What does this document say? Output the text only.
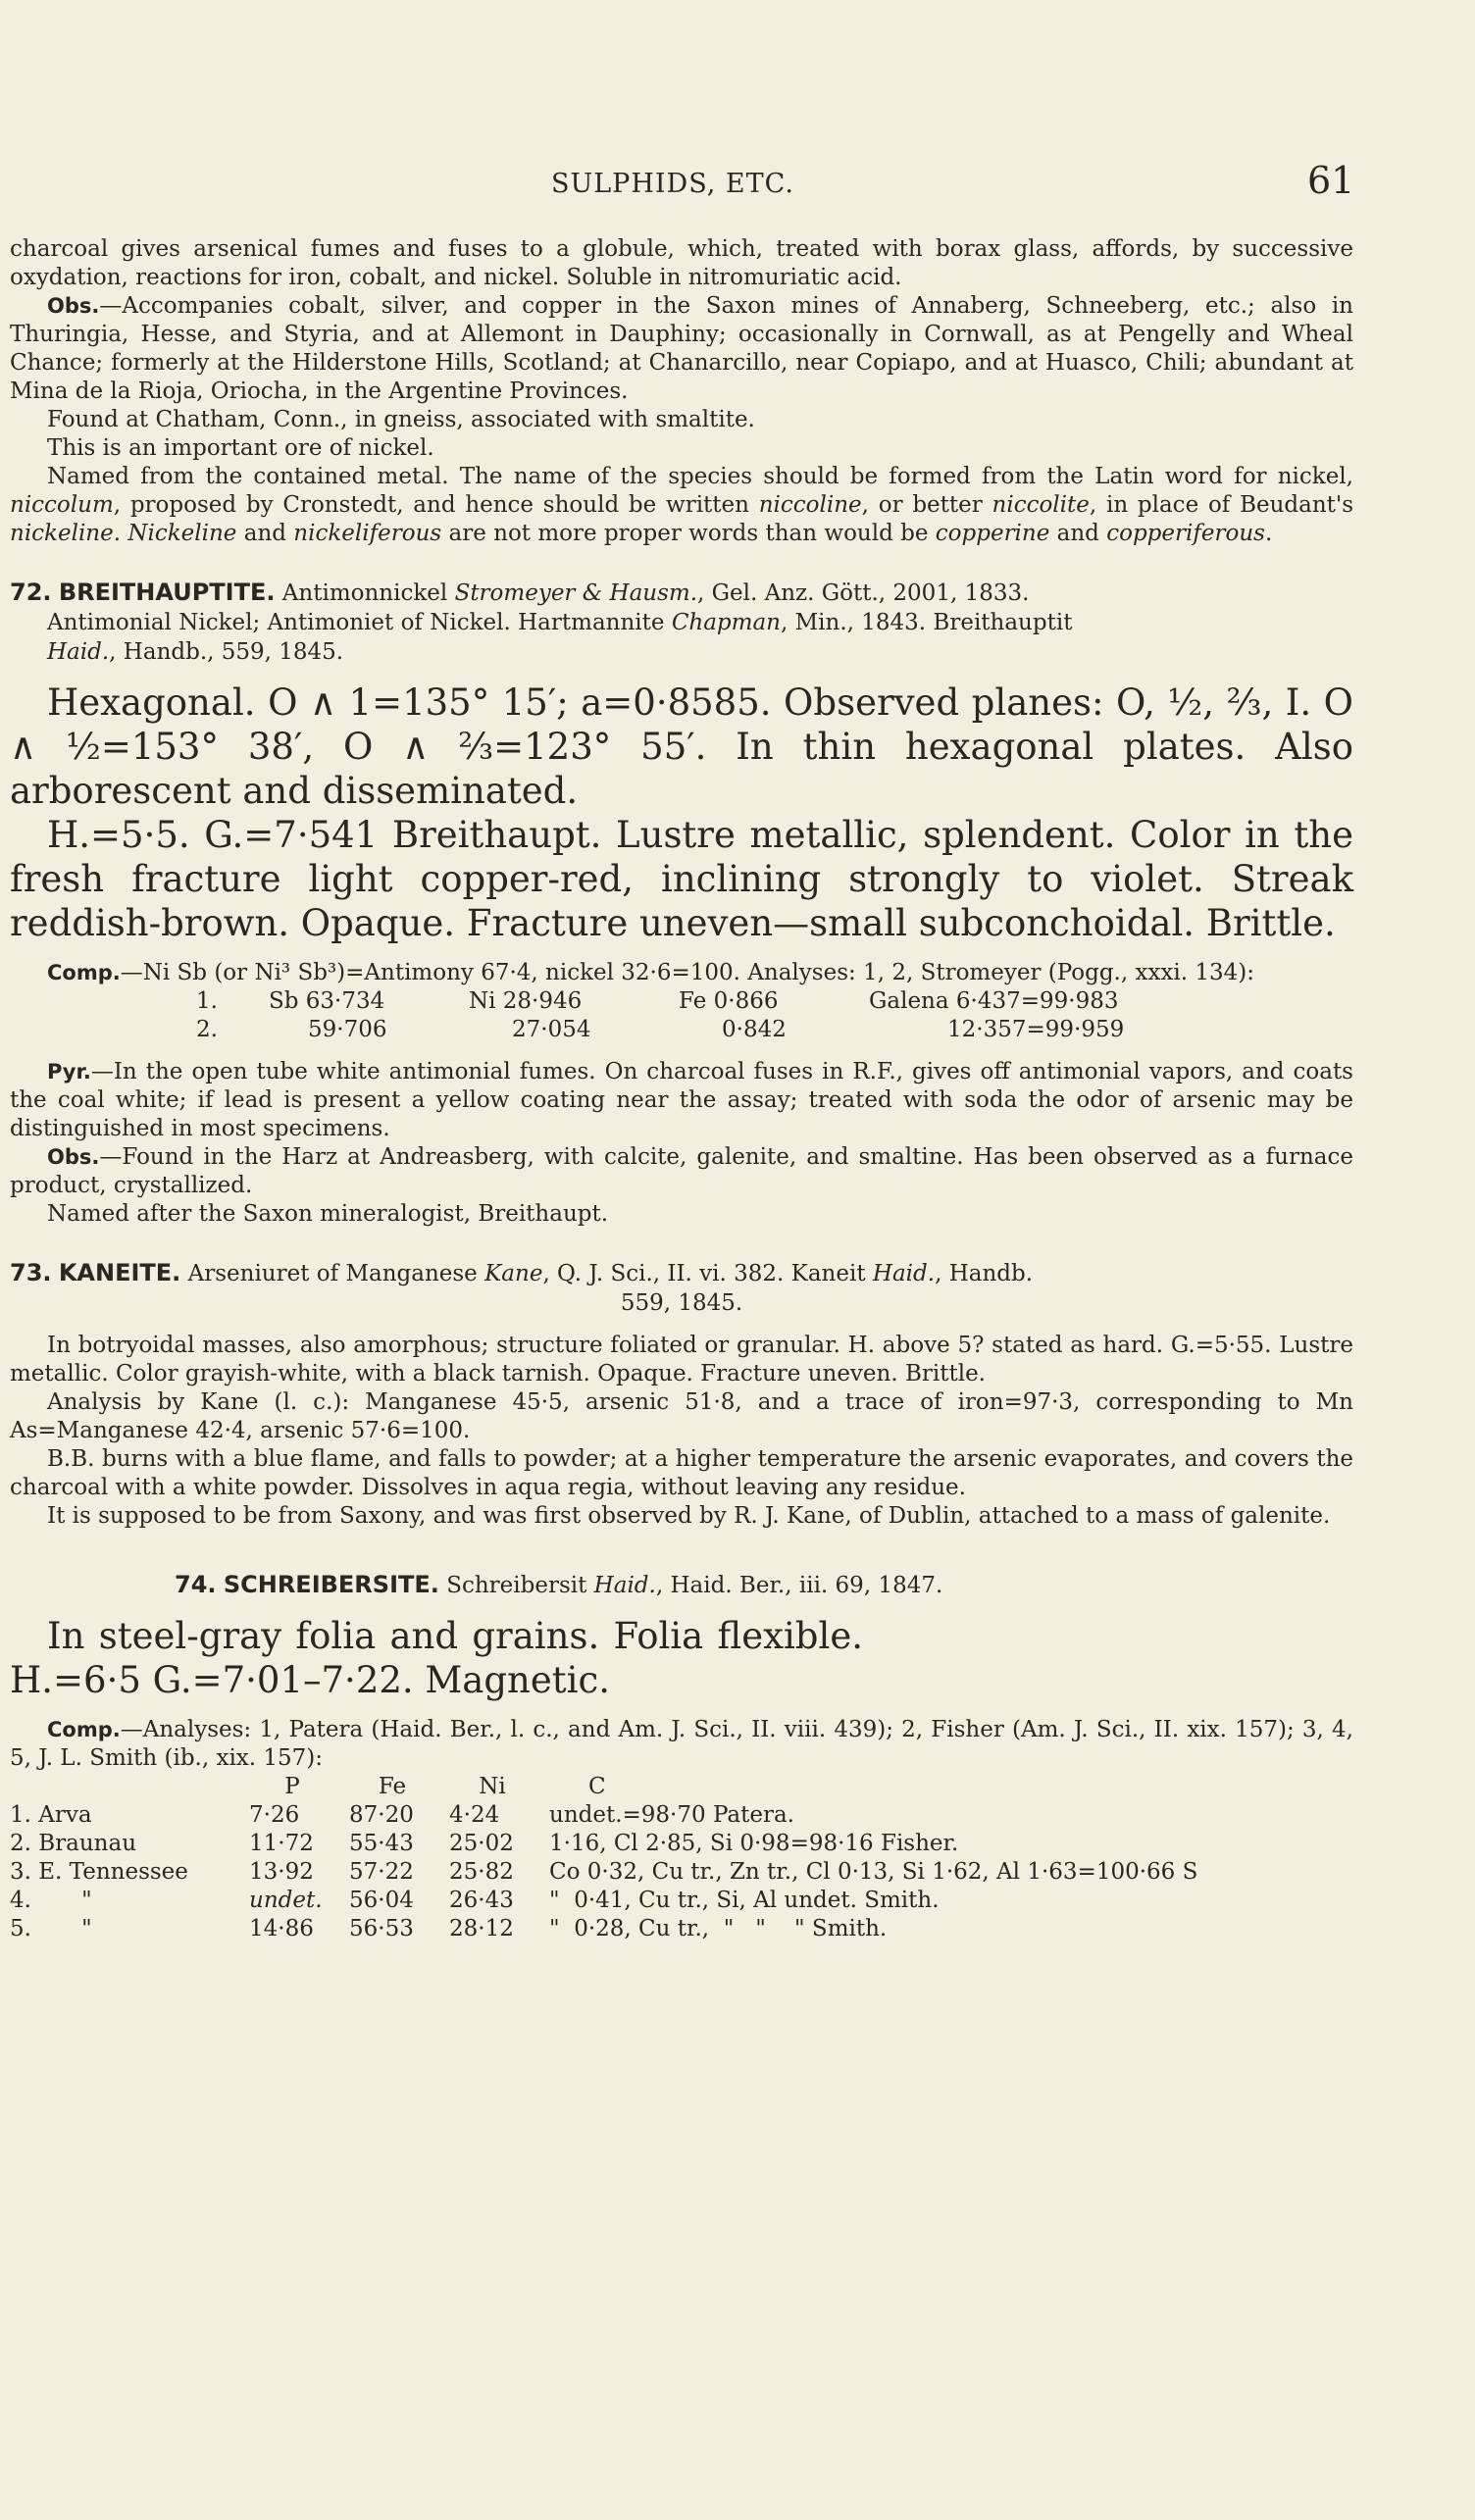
SULPHIDS, ETC.	61

charcoal gives arsenical fumes and fuses to a globule, which, treated with borax glass, affords, by successive oxydation, reactions for iron, cobalt, and nickel. Soluble in nitromuriatic acid.

Obs.—Accompanies cobalt, silver, and copper in the Saxon mines of Annaberg, Schneeberg, etc.; also in Thuringia, Hesse, and Styria, and at Allemont in Dauphiny; occasionally in Cornwall, as at Pengelly and Wheal Chance; formerly at the Hilderstone Hills, Scotland; at Chanarcillo, near Copiapo, and at Huasco, Chili; abundant at Mina de la Rioja, Oriocha, in the Argentine Provinces.

Found at Chatham, Conn., in gneiss, associated with smaltite.

This is an important ore of nickel.

Named from the contained metal. The name of the species should be formed from the Latin word for nickel, niccolum, proposed by Cronstedt, and hence should be written niccoline, or better niccolite, in place of Beudant's nickeline. Nickeline and nickeliferous are not more proper words than would be copperine and copperiferous.

72. BREITHAUPTITE. Antimonnickel Stromeyer & Hausm., Gel. Anz. Gött., 2001, 1833.
Antimonial Nickel; Antimoniet of Nickel. Hartmannite Chapman, Min., 1843. Breithauptit
Haid., Handb., 559, 1845.

Hexagonal. O ∧ 1=135° 15′; a=0·8585. Observed planes: O, ½, ⅔, I. O ∧ ½=153° 38′, O ∧ ⅔=123° 55′. In thin hexagonal plates. Also arborescent and disseminated.

H.=5·5. G.=7·541 Breithaupt. Lustre metallic, splendent. Color in the fresh fracture light copper-red, inclining strongly to violet. Streak reddish-brown. Opaque. Fracture uneven—small subconchoidal. Brittle.

Comp.—Ni Sb (or Ni³ Sb³)=Antimony 67·4, nickel 32·6=100. Analyses: 1, 2, Stromeyer (Pogg., xxxi. 134):

1.	Sb 63·734	Ni 28·946	Fe 0·866	Galena 6·437=99·983
2.	59·706	27·054	0·842	12·357=99·959

Pyr.—In the open tube white antimonial fumes. On charcoal fuses in R.F., gives off antimonial vapors, and coats the coal white; if lead is present a yellow coating near the assay; treated with soda the odor of arsenic may be distinguished in most specimens.

Obs.—Found in the Harz at Andreasberg, with calcite, galenite, and smaltine. Has been observed as a furnace product, crystallized.

Named after the Saxon mineralogist, Breithaupt.

73. KANEITE. Arseniuret of Manganese Kane, Q. J. Sci., II. vi. 382. Kaneit Haid., Handb.
559, 1845.

In botryoidal masses, also amorphous; structure foliated or granular. H. above 5? stated as hard. G.=5·55. Lustre metallic. Color grayish-white, with a black tarnish. Opaque. Fracture uneven. Brittle.

Analysis by Kane (l. c.): Manganese 45·5, arsenic 51·8, and a trace of iron=97·3, corresponding to Mn As=Manganese 42·4, arsenic 57·6=100.

B.B. burns with a blue flame, and falls to powder; at a higher temperature the arsenic evaporates, and covers the charcoal with a white powder. Dissolves in aqua regia, without leaving any residue.

It is supposed to be from Saxony, and was first observed by R. J. Kane, of Dublin, attached to a mass of galenite.

74. SCHREIBERSITE. Schreibersit Haid., Haid. Ber., iii. 69, 1847.

In steel-gray folia and grains. Folia flexible. H.=6·5 G.=7·01–7·22. Magnetic.

Comp.—Analyses: 1, Patera (Haid. Ber., l. c., and Am. J. Sci., II. viii. 439); 2, Fisher (Am. J. Sci., II. xix. 157); 3, 4, 5, J. L. Smith (ib., xix. 157):

	P	Fe	Ni	C
1. Arva	7·26	87·20	4·24	undet.=98·70 Patera.
2. Braunau	11·72	55·43	25·02	1·16, Cl 2·85, Si 0·98=98·16 Fisher.
3. E. Tennessee	13·92	57·22	25·82	Co 0·32, Cu tr., Zn tr., Cl 0·13, Si 1·62, Al 1·63=100·66 S
4.       "	undet.	56·04	26·43	"  0·41, Cu tr., Si, Al undet. Smith.
5.       "	14·86	56·53	28·12	"  0·28, Cu tr.,  "   "    " Smith.
